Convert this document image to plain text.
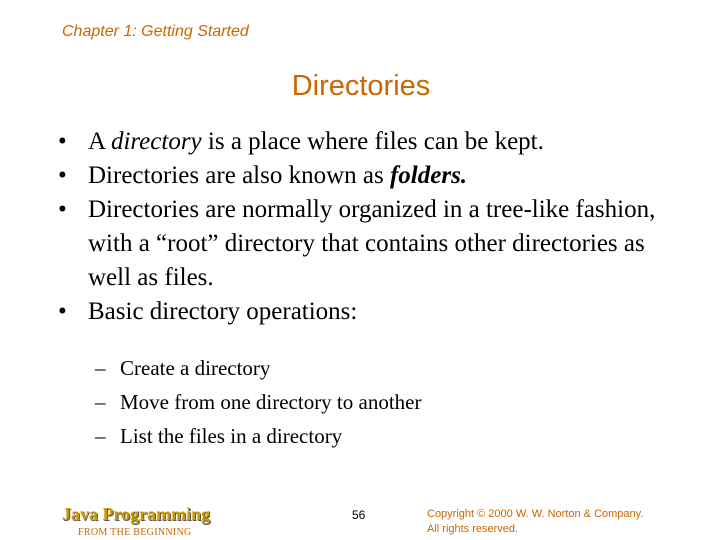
Chapter 1: Getting Started
Directories
• A directory is a place where files can be kept.
• Directories are also known as folders.
• Directories are normally organized in a tree-like fashion, with a “root” directory that contains other directories as well as files.
• Basic directory operations:
– Create a directory
– Move from one directory to another
– List the files in a directory
Java Programming
FROM THE BEGINNING
56	Copyright © 2000 W. W. Norton & Company.
All rights reserved.
